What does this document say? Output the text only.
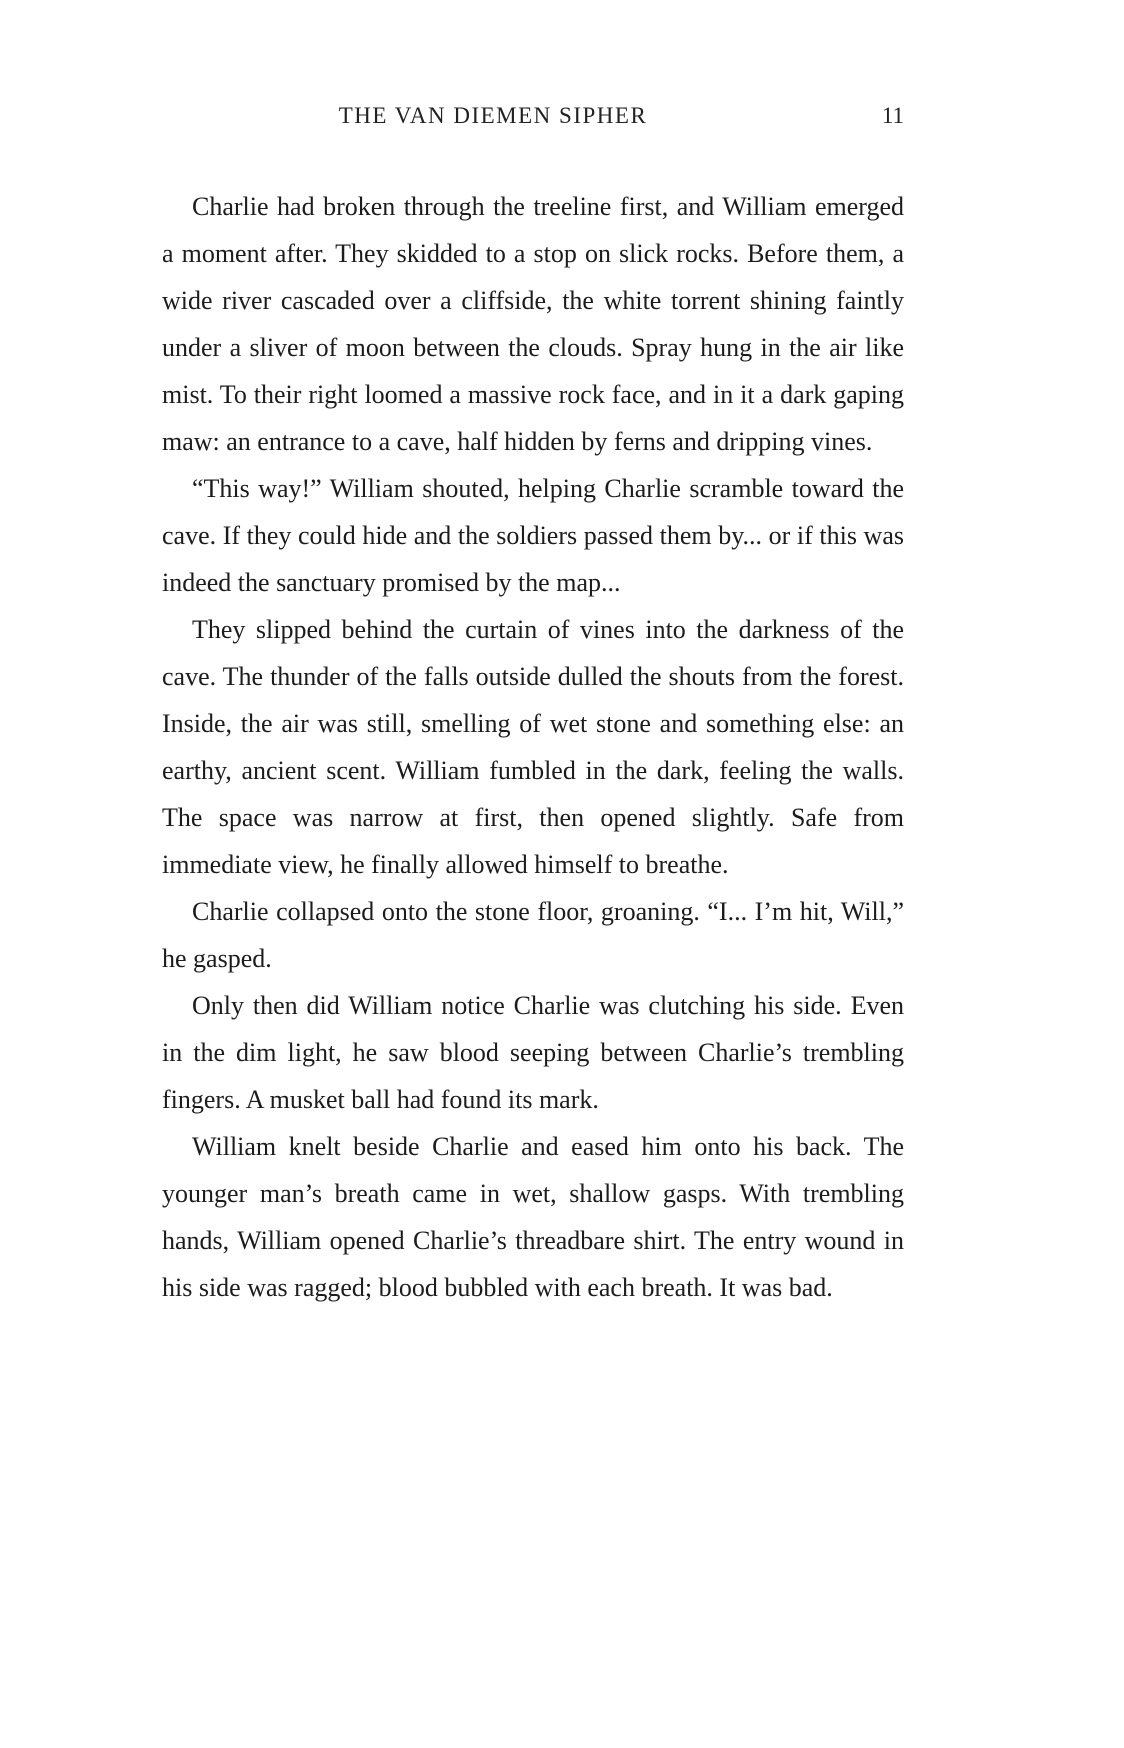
THE VAN DIEMEN SIPHER	11

Charlie had broken through the treeline first, and William emerged a moment after. They skidded to a stop on slick rocks. Before them, a wide river cascaded over a cliffside, the white torrent shining faintly under a sliver of moon between the clouds. Spray hung in the air like mist. To their right loomed a massive rock face, and in it a dark gaping maw: an entrance to a cave, half hidden by ferns and dripping vines.

“This way!” William shouted, helping Charlie scramble toward the cave. If they could hide and the soldiers passed them by... or if this was indeed the sanctuary promised by the map...

They slipped behind the curtain of vines into the darkness of the cave. The thunder of the falls outside dulled the shouts from the forest. Inside, the air was still, smelling of wet stone and something else: an earthy, ancient scent. William fumbled in the dark, feeling the walls. The space was narrow at first, then opened slightly. Safe from immediate view, he finally allowed himself to breathe.

Charlie collapsed onto the stone floor, groaning. “I... I’m hit, Will,” he gasped.

Only then did William notice Charlie was clutching his side. Even in the dim light, he saw blood seeping between Charlie’s trembling fingers. A musket ball had found its mark.

William knelt beside Charlie and eased him onto his back. The younger man’s breath came in wet, shallow gasps. With trembling hands, William opened Charlie’s threadbare shirt. The entry wound in his side was ragged; blood bubbled with each breath. It was bad.
